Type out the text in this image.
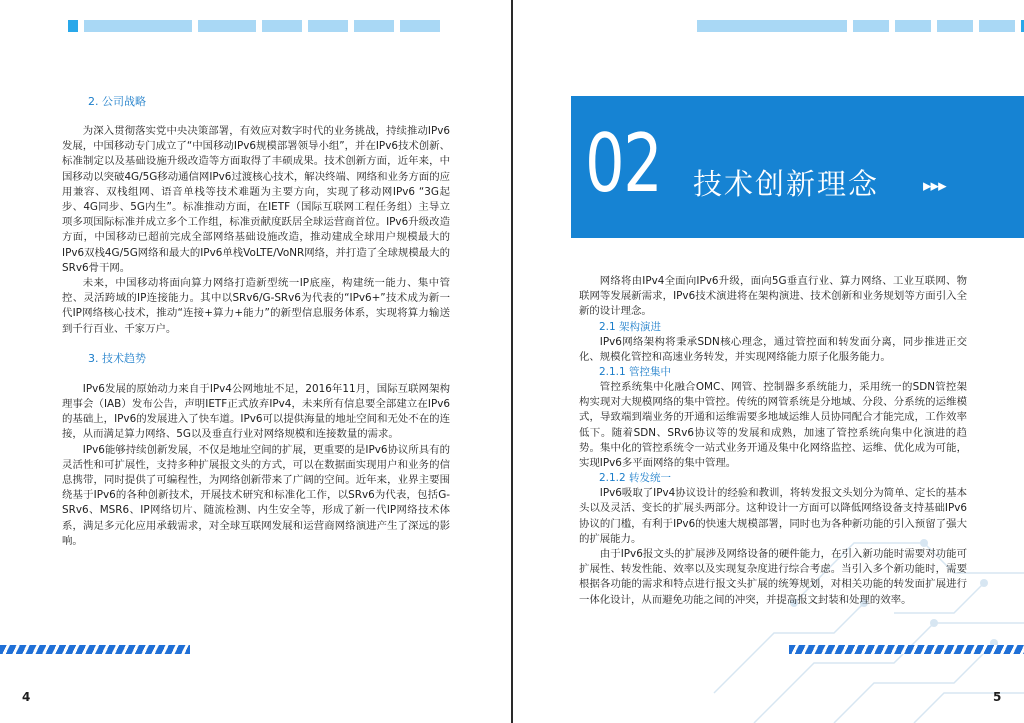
2. 公司战略

为深入贯彻落实党中央决策部署，有效应对数字时代的业务挑战，持续推动IPv6发展，中国移动专门成立了“中国移动IPv6规模部署领导小组”，并在IPv6技术创新、标准制定以及基础设施升级改造等方面取得了丰硕成果。技术创新方面，近年来，中国移动以突破4G/5G移动通信网IPv6过渡核心技术，解决终端、网络和业务方面的应用兼容、双栈组网、语音单栈等技术难题为主要方向，实现了移动网IPv6 “3G起步、4G同步、5G内生”。标准推动方面，在IETF（国际互联网工程任务组）主导立项多项国际标准并成立多个工作组，标准贡献度跃居全球运营商首位。IPv6升级改造方面，中国移动已超前完成全部网络基础设施改造，推动建成全球用户规模最大的IPv6双栈4G/5G网络和最大的IPv6单栈VoLTE/VoNR网络，并打造了全球规模最大的SRv6骨干网。

未来，中国移动将面向算力网络打造新型统一IP底座，构建统一能力、集中管控、灵活跨域的IP连接能力。其中以SRv6/G-SRv6为代表的“IPv6+”技术成为新一代IP网络核心技术，推动“连接+算力+能力”的新型信息服务体系，实现将算力输送到千行百业、千家万户。

3. 技术趋势

IPv6发展的原始动力来自于IPv4公网地址不足，2016年11月，国际互联网架构理事会（IAB）发布公告，声明IETF正式放弃IPv4，未来所有信息要全部建立在IPv6的基础上，IPv6的发展进入了快车道。IPv6可以提供海量的地址空间和无处不在的连接，从而满足算力网络、5G以及垂直行业对网络规模和连接数量的需求。

IPv6能够持续创新发展，不仅是地址空间的扩展，更重要的是IPv6协议所具有的灵活性和可扩展性，支持多种扩展报文头的方式，可以在数据面实现用户和业务的信息携带，同时提供了可编程性，为网络创新带来了广阔的空间。近年来，业界主要围绕基于IPv6的各种创新技术，开展技术研究和标准化工作，以SRv6为代表，包括G-SRv6、MSR6、IP网络切片、随流检测、内生安全等，形成了新一代IP网络技术体系，满足多元化应用承载需求，对全球互联网发展和运营商网络演进产生了深远的影响。

4
02 技术创新理念	▸▸▸

网络将由IPv4全面向IPv6升级，面向5G垂直行业、算力网络、工业互联网、物联网等发展新需求，IPv6技术演进将在架构演进、技术创新和业务规划等方面引入全新的设计理念。

2.1 架构演进

IPv6网络架构将秉承SDN核心理念，通过管控面和转发面分离，同步推进正交化、规模化管控和高速业务转发，并实现网络能力原子化服务能力。

2.1.1 管控集中

管控系统集中化融合OMC、网管、控制器多系统能力，采用统一的SDN管控架构实现对大规模网络的集中管控。传统的网管系统是分地域、分段、分系统的运维模式，导致端到端业务的开通和运维需要多地域运维人员协同配合才能完成，工作效率低下。随着SDN、SRv6协议等的发展和成熟，加速了管控系统向集中化演进的趋势。集中化的管控系统令一站式业务开通及集中化网络监控、运维、优化成为可能，实现IPv6多平面网络的集中管理。

2.1.2 转发统一

IPv6吸取了IPv4协议设计的经验和教训，将转发报文头划分为简单、定长的基本头以及灵活、变长的扩展头两部分。这种设计一方面可以降低网络设备支持基础IPv6协议的门槛，有利于IPv6的快速大规模部署，同时也为各种新功能的引入预留了强大的扩展能力。

由于IPv6报文头的扩展涉及网络设备的硬件能力，在引入新功能时需要对功能可扩展性、转发性能、效率以及实现复杂度进行综合考虑。当引入多个新功能时，需要根据各功能的需求和特点进行报文头扩展的统筹规划，对相关功能的转发面扩展进行一体化设计，从而避免功能之间的冲突，并提高报文封装和处理的效率。

5
